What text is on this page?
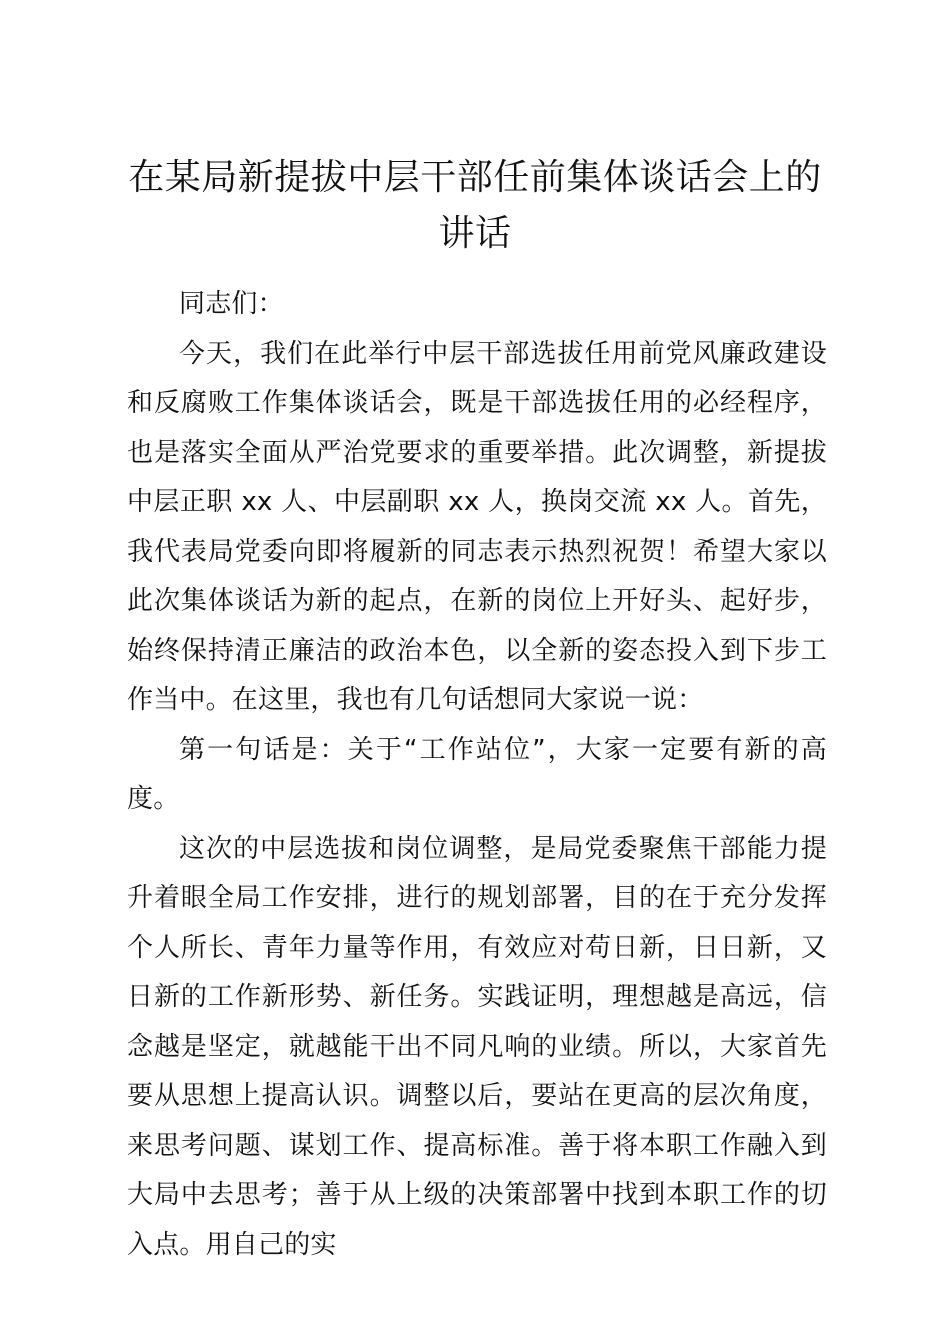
在某局新提拔中层干部任前集体谈话会上的讲话

同志们：

今天，我们在此举行中层干部选拔任用前党风廉政建设和反腐败工作集体谈话会，既是干部选拔任用的必经程序，也是落实全面从严治党要求的重要举措。此次调整，新提拔中层正职 xx 人、中层副职 xx 人，换岗交流 xx 人。首先，我代表局党委向即将履新的同志表示热烈祝贺！希望大家以此次集体谈话为新的起点，在新的岗位上开好头、起好步，始终保持清正廉洁的政治本色，以全新的姿态投入到下步工作当中。在这里，我也有几句话想同大家说一说：

第一句话是：关于“工作站位”，大家一定要有新的高度。

这次的中层选拔和岗位调整，是局党委聚焦干部能力提升着眼全局工作安排，进行的规划部署，目的在于充分发挥个人所长、青年力量等作用，有效应对苟日新，日日新，又日新的工作新形势、新任务。实践证明，理想越是高远，信念越是坚定，就越能干出不同凡响的业绩。所以，大家首先要从思想上提高认识。调整以后，要站在更高的层次角度，来思考问题、谋划工作、提高标准。善于将本职工作融入到大局中去思考；善于从上级的决策部署中找到本职工作的切入点。用自己的实
